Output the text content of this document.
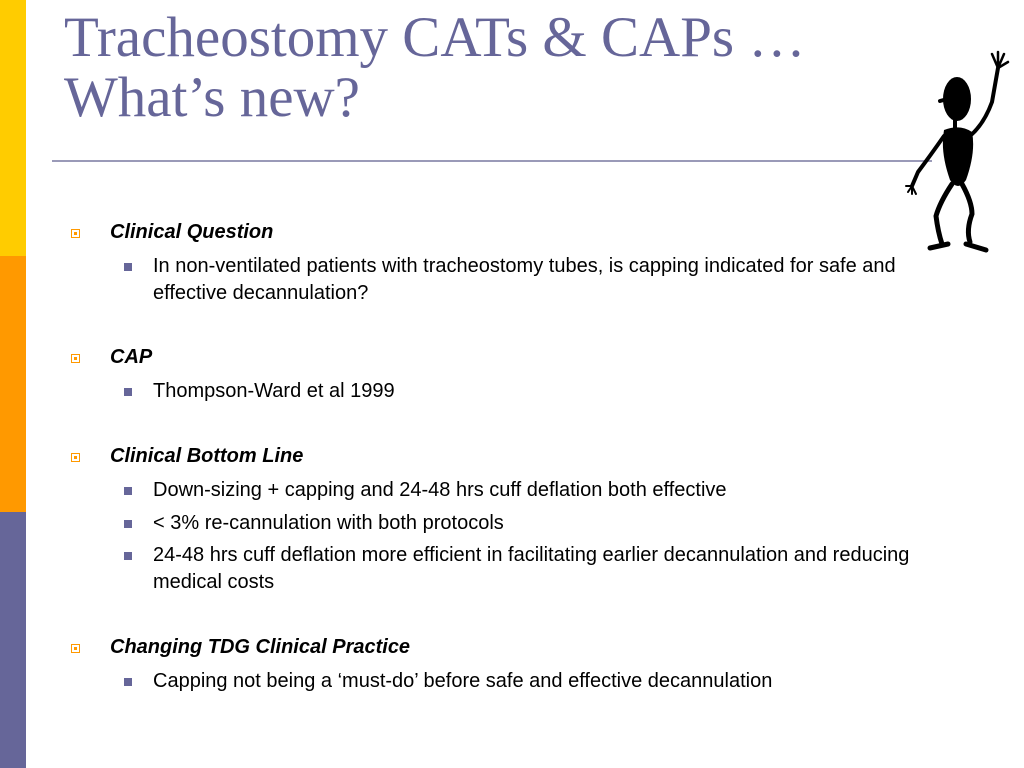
Tracheostomy CATs & CAPs …
What’s new?
Clinical Question
In non-ventilated patients with tracheostomy tubes, is capping indicated for safe and effective decannulation?
CAP
Thompson-Ward et al 1999
Clinical Bottom Line
Down-sizing + capping and 24-48 hrs cuff deflation both effective
< 3% re-cannulation with both protocols
24-48 hrs cuff deflation more efficient in facilitating earlier decannulation and reducing medical costs
Changing TDG Clinical Practice
Capping not being a ‘must-do’ before safe and effective decannulation
